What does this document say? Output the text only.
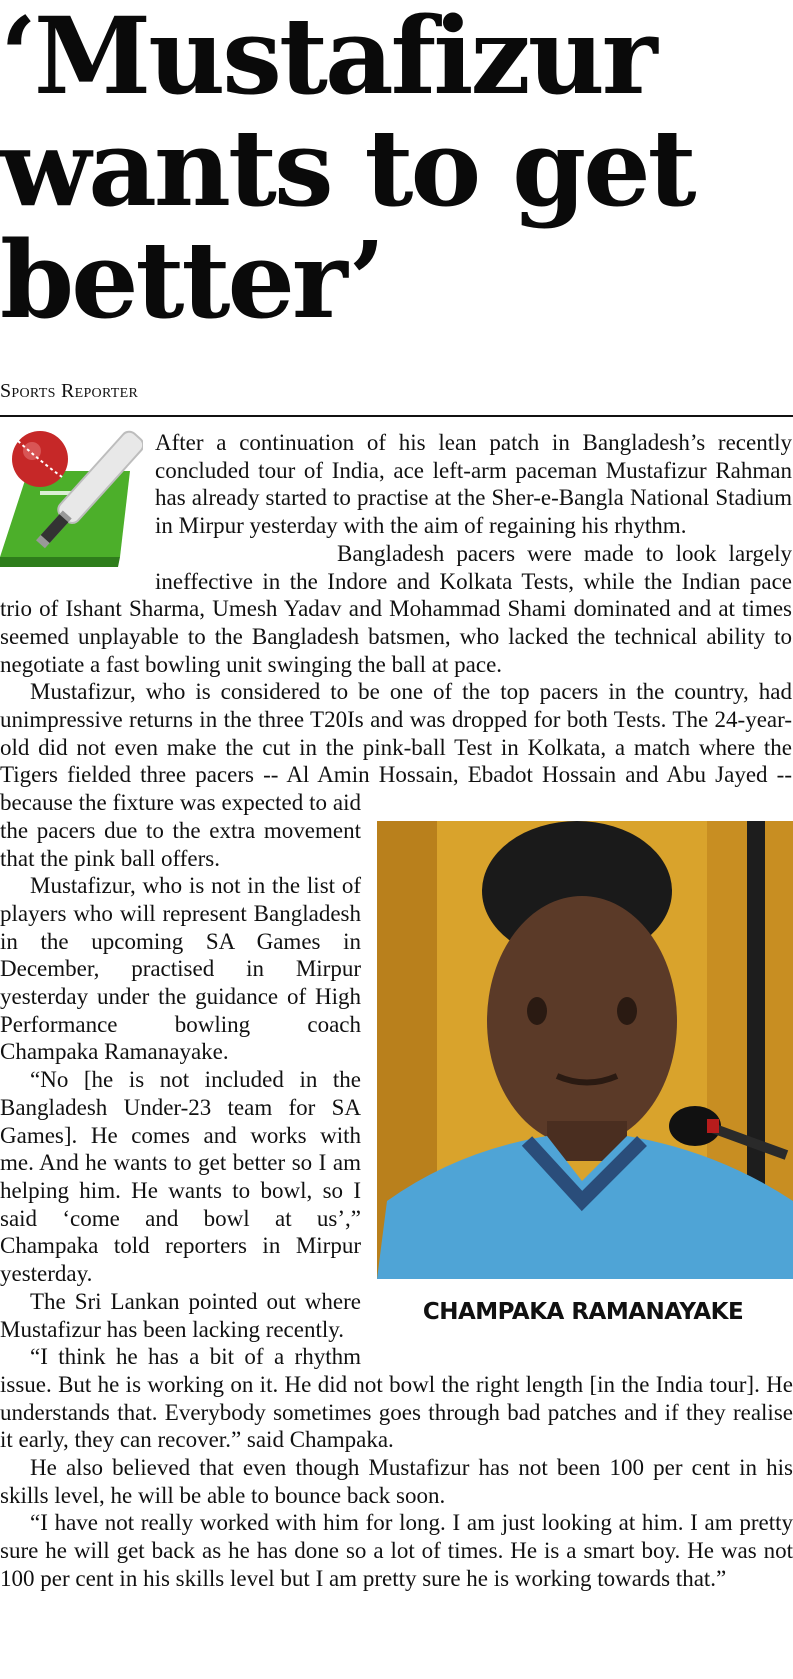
‘Mustafizur wants to get better’
Sports Reporter
CHAMPAKA RAMANAYAKE

After a continuation of his lean patch in Bangladesh’s recently concluded tour of India, ace left-arm paceman Mustafizur Rahman has already started to practise at the Sher-e-Bangla National Stadium in Mirpur yesterday with the aim of regaining his rhythm.

Bangladesh pacers were made to look largely ineffective in the Indore and Kolkata Tests, while the Indian pace trio of Ishant Sharma, Umesh Yadav and Mohammad Shami dominated and at times seemed unplayable to the Bangladesh batsmen, who lacked the technical ability to negotiate a fast bowling unit swinging the ball at pace.

Mustafizur, who is considered to be one of the top pacers in the country, had unimpressive returns in the three T20Is and was dropped for both Tests. The 24-year-old did not even make the cut in the pink-ball Test in Kolkata, a match where the Tigers fielded three pacers -- Al Amin Hossain, Ebadot Hossain and Abu Jayed -- because the fixture was expected to aid the pacers due to the extra movement that the pink ball offers.

Mustafizur, who is not in the list of players who will represent Bangladesh in the upcoming SA Games in December, practised in Mirpur yesterday under the guidance of High Performance bowling coach Champaka Ramanayake.

“No [he is not included in the Bangladesh Under-23 team for SA Games]. He comes and works with me. And he wants to get better so I am helping him. He wants to bowl, so I said ‘come and bowl at us’,” Champaka told reporters in Mirpur yesterday.

The Sri Lankan pointed out where Mustafizur has been lacking recently.

“I think he has a bit of a rhythm issue. But he is working on it. He did not bowl the right length [in the India tour]. He understands that. Everybody sometimes goes through bad patches and if they realise it early, they can recover.” said Champaka.

He also believed that even though Mustafizur has not been 100 per cent in his skills level, he will be able to bounce back soon.

“I have not really worked with him for long. I am just looking at him. I am pretty sure he will get back as he has done so a lot of times. He is a smart boy. He was not 100 per cent in his skills level but I am pretty sure he is working towards that.”
